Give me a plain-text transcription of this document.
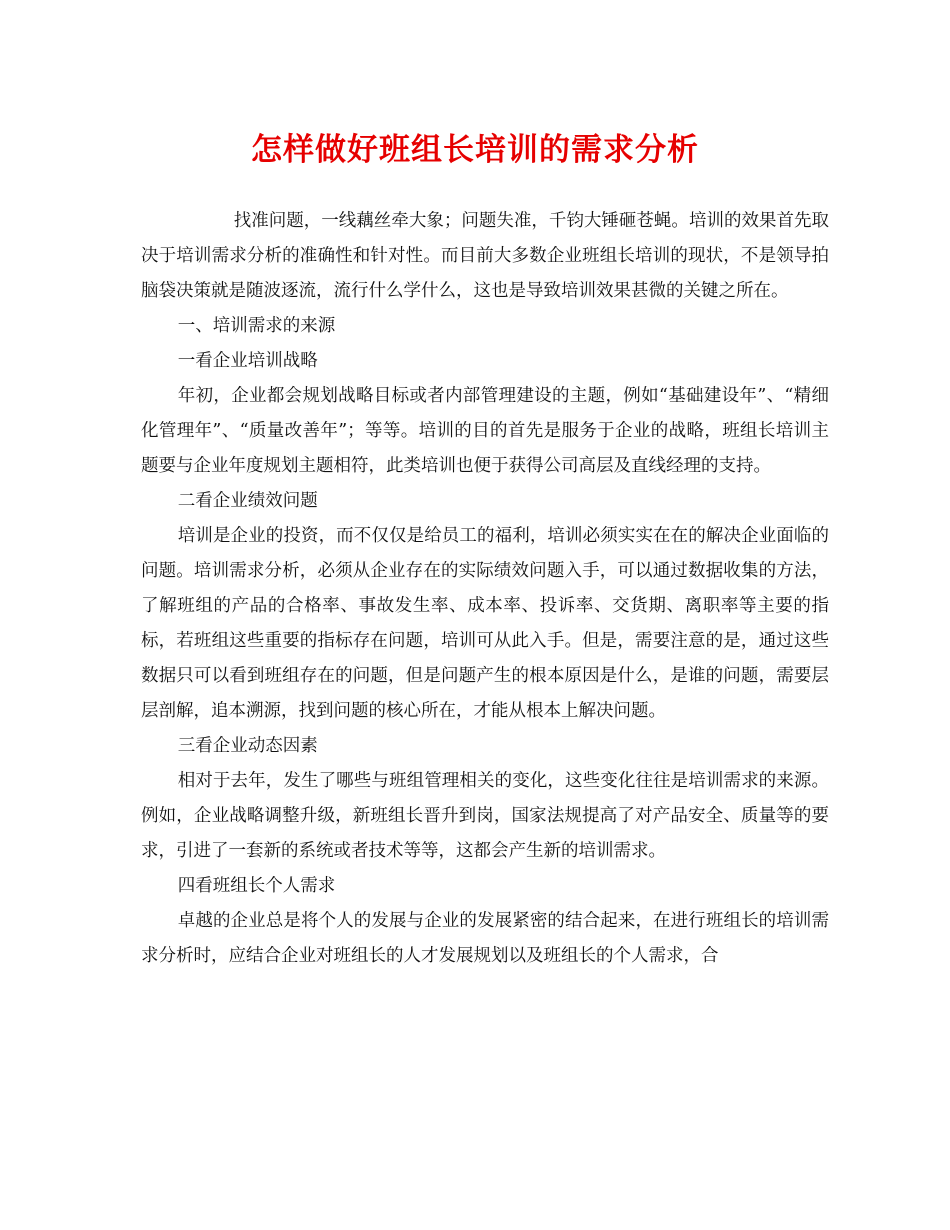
怎样做好班组长培训的需求分析

找准问题，一线藕丝牵大象；问题失准，千钧大锤砸苍蝇。培训的效果首先取决于培训需求分析的准确性和针对性。而目前大多数企业班组长培训的现状，不是领导拍脑袋决策就是随波逐流，流行什么学什么，这也是导致培训效果甚微的关键之所在。

一、培训需求的来源

一看企业培训战略

年初，企业都会规划战略目标或者内部管理建设的主题，例如“基础建设年”、“精细化管理年”、“质量改善年”；等等。培训的目的首先是服务于企业的战略，班组长培训主题要与企业年度规划主题相符，此类培训也便于获得公司高层及直线经理的支持。

二看企业绩效问题

培训是企业的投资，而不仅仅是给员工的福利，培训必须实实在在的解决企业面临的问题。培训需求分析，必须从企业存在的实际绩效问题入手，可以通过数据收集的方法，了解班组的产品的合格率、事故发生率、成本率、投诉率、交货期、离职率等主要的指标，若班组这些重要的指标存在问题，培训可从此入手。但是，需要注意的是，通过这些数据只可以看到班组存在的问题，但是问题产生的根本原因是什么，是谁的问题，需要层层剖解，追本溯源，找到问题的核心所在，才能从根本上解决问题。

三看企业动态因素

相对于去年，发生了哪些与班组管理相关的变化，这些变化往往是培训需求的来源。例如，企业战略调整升级，新班组长晋升到岗，国家法规提高了对产品安全、质量等的要求，引进了一套新的系统或者技术等等，这都会产生新的培训需求。

四看班组长个人需求

卓越的企业总是将个人的发展与企业的发展紧密的结合起来，在进行班组长的培训需求分析时，应结合企业对班组长的人才发展规划以及班组长的个人需求，合
